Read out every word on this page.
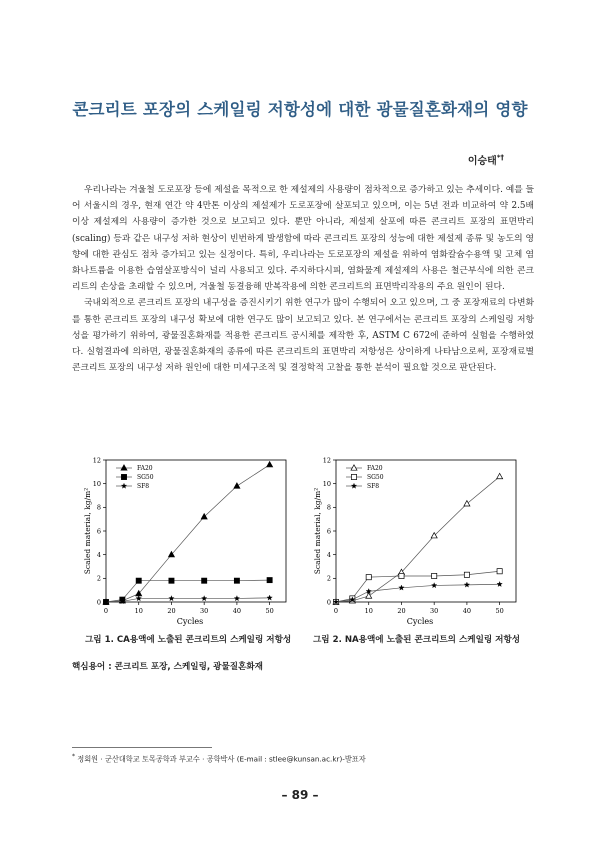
콘크리트 포장의 스케일링 저항성에 대한 광물질혼화재의 영향
이승태*†

우리나라는 겨울철 도로포장 등에 제설을 목적으로 한 제설제의 사용량이 점차적으로 증가하고 있는 추세이다. 예를 들어 서울시의 경우, 현재 연간 약 4만톤 이상의 제설제가 도로포장에 살포되고 있으며, 이는 5년 전과 비교하여 약 2.5배 이상 제설제의 사용량이 증가한 것으로 보고되고 있다. 뿐만 아니라, 제설제 살포에 따른 콘크리트 포장의 표면박리(scaling) 등과 같은 내구성 저하 현상이 빈번하게 발생함에 따라 콘크리트 포장의 성능에 대한 제설제 종류 및 농도의 영향에 대한 관심도 점차 증가되고 있는 실정이다. 특히, 우리나라는 도로포장의 제설을 위하여 염화칼슘수용액 및 고체 염화나트륨을 이용한 습염살포방식이 널리 사용되고 있다. 주지하다시피, 염화물계 제설제의 사용은 철근부식에 의한 콘크리트의 손상을 초래할 수 있으며, 겨울철 동결융해 반복작용에 의한 콘크리트의 표면박리작용의 주요 원인이 된다.

국내외적으로 콘크리트 포장의 내구성을 증진시키기 위한 연구가 많이 수행되어 오고 있으며, 그 중 포장재료의 다변화를 통한 콘크리트 포장의 내구성 확보에 대한 연구도 많이 보고되고 있다. 본 연구에서는 콘크리트 포장의 스케일링 저항성을 평가하기 위하여, 광물질혼화재를 적용한 콘크리트 공시체를 제작한 후, ASTM C 672에 준하여 실험을 수행하였다. 실험결과에 의하면, 광물질혼화재의 종류에 따른 콘크리트의 표면박리 저항성은 상이하게 나타남으로써, 포장재료별 콘크리트 포장의 내구성 저하 원인에 대한 미세구조적 및 결정학적 고찰을 통한 분석이 필요할 것으로 판단된다.

0	10	20	30	40	50
0
2
4
6
8
10
12
Cycles
Scaled material, kg/m²
FA20
SG50
SF8
0	10	20	30	40	50
0
2
4
6
8
10
12
Cycles
Scaled material, kg/m²
FA20
SG50
SF8
그림 1. CA용액에 노출된 콘크리트의 스케일링 저항성	그림 2. NA용액에 노출된 콘크리트의 스케일링 저항성
핵심용어 : 콘크리트 포장, 스케일링, 광물질혼화재
* 정회원 · 군산대학교 토목공학과 부교수 · 공학박사 (E-mail : stlee@kunsan.ac.kr)-발표자
– 89 –
